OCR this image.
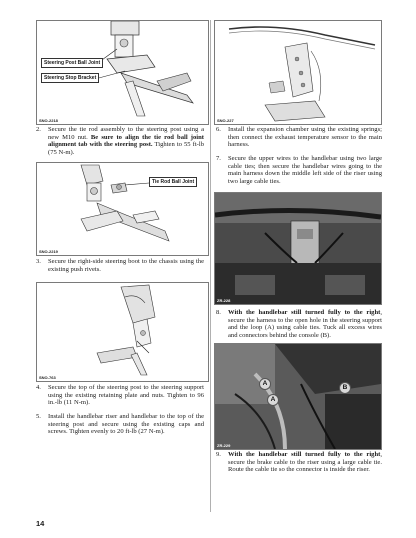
Steering Post Ball Joint
Steering Stop Bracket
SNO-2218
2. Secure the tie rod assembly to the steering post using a new M10 nut. Be sure to align the tie rod ball joint alignment tab with the steering post. Tighten to 55 ft-lb (75 N-m).
Tie Rod Ball Joint
SNO-2219
3. Secure the right-side steering boot to the chassis using the existing push rivets.
SNO-763
4. Secure the top of the steering post to the steering support using the existing retaining plate and nuts. Tighten to 96 in.-lb (11 N-m).
5. Install the handlebar riser and handlebar to the top of the steering post and secure using the existing caps and screws. Tighten evenly to 20 ft-lb (27 N-m).
SNO-227
6. Install the expansion chamber using the existing springs; then connect the exhaust temperature sensor to the main harness.
7. Secure the upper wires to the handlebar using two large cable ties; then secure the handlebar wires going to the main harness down the middle left side of the riser using two large cable ties.
ZR-228
8. With the handlebar still turned fully to the right, secure the harness to the open hole in the steering support and the loop (A) using cable ties. Tuck all excess wires and connectors behind the console (B).
A
A
B
ZR-229
9. With the handlebar still turned fully to the right, secure the brake cable to the riser using a large cable tie. Route the cable tie so the connector is inside the riser.
14
